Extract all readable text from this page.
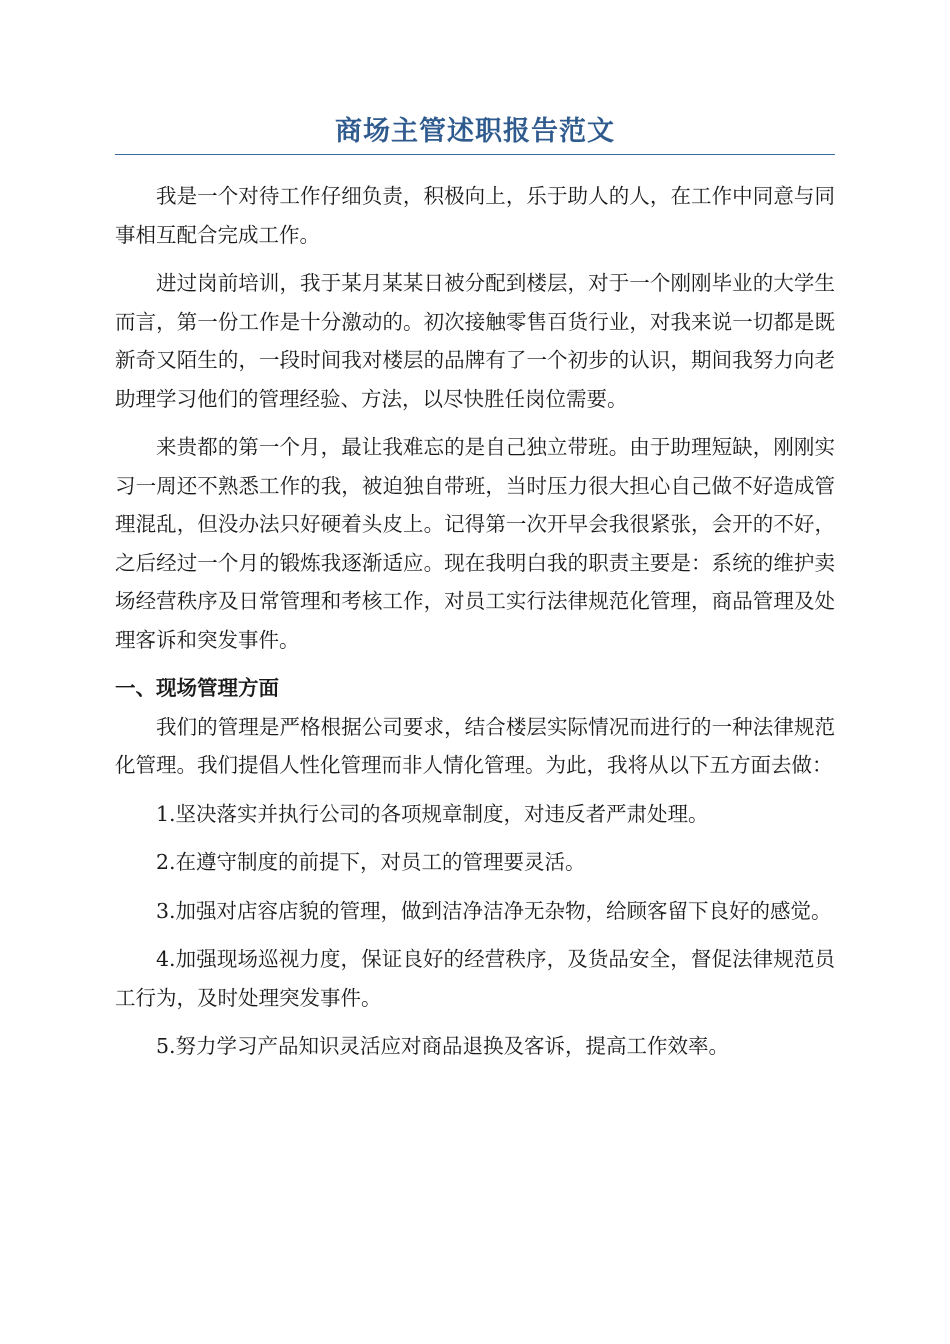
商场主管述职报告范文

我是一个对待工作仔细负责，积极向上，乐于助人的人，在工作中同意与同事相互配合完成工作。

进过岗前培训，我于某月某某日被分配到楼层，对于一个刚刚毕业的大学生而言，第一份工作是十分激动的。初次接触零售百货行业，对我来说一切都是既新奇又陌生的，一段时间我对楼层的品牌有了一个初步的认识，期间我努力向老助理学习他们的管理经验、方法，以尽快胜任岗位需要。

来贵都的第一个月，最让我难忘的是自己独立带班。由于助理短缺，刚刚实习一周还不熟悉工作的我，被迫独自带班，当时压力很大担心自己做不好造成管理混乱，但没办法只好硬着头皮上。记得第一次开早会我很紧张，会开的不好，之后经过一个月的锻炼我逐渐适应。现在我明白我的职责主要是：系统的维护卖场经营秩序及日常管理和考核工作，对员工实行法律规范化管理，商品管理及处理客诉和突发事件。

一、现场管理方面

我们的管理是严格根据公司要求，结合楼层实际情况而进行的一种法律规范化管理。我们提倡人性化管理而非人情化管理。为此，我将从以下五方面去做：

1.坚决落实并执行公司的各项规章制度，对违反者严肃处理。

2.在遵守制度的前提下，对员工的管理要灵活。

3.加强对店容店貌的管理，做到洁净洁净无杂物，给顾客留下良好的感觉。

4.加强现场巡视力度，保证良好的经营秩序，及货品安全，督促法律规范员工行为，及时处理突发事件。

5.努力学习产品知识灵活应对商品退换及客诉，提高工作效率。
